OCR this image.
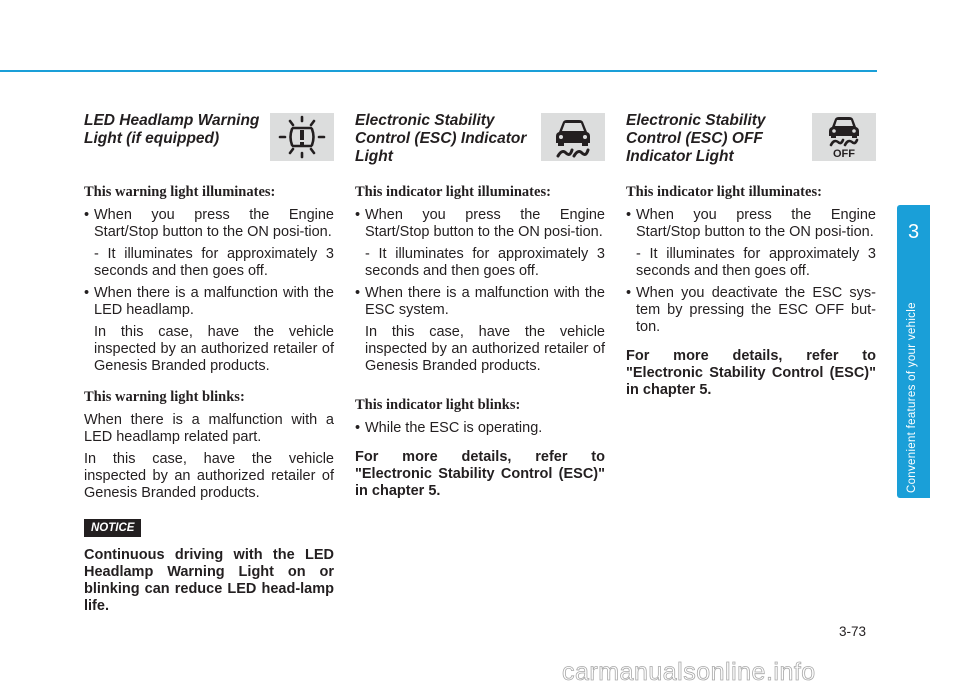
3
Convenient features of your vehicle
LED Headlamp Warning
Light (if equipped)
This warning light illuminates:
• When you press the Engine Start/Stop button to the ON posi-tion.
- It illuminates for approximately 3 seconds and then goes off.
• When there is a malfunction with the LED headlamp.
In this case, have the vehicle inspected by an authorized retailer of Genesis Branded products.
This warning light blinks:

When there is a malfunction with a LED headlamp related part.

In this case, have the vehicle inspected by an authorized retailer of Genesis Branded products.

NOTICE
Continuous driving with the LED Headlamp Warning Light on or blinking can reduce LED head-lamp life.
Electronic Stability
Control (ESC) Indicator
Light
This indicator light illuminates:
• When you press the Engine Start/Stop button to the ON posi-tion.
- It illuminates for approximately 3 seconds and then goes off.
• When there is a malfunction with the ESC system.
In this case, have the vehicle inspected by an authorized retailer of Genesis Branded products.
This indicator light blinks:
• While the ESC is operating.
For more details, refer to "Electronic Stability Control (ESC)" in chapter 5.
Electronic Stability
Control (ESC) OFF
Indicator Light	OFF
This indicator light illuminates:
• When you press the Engine Start/Stop button to the ON posi-tion.
- It illuminates for approximately 3 seconds and then goes off.
• When you deactivate the ESC sys-tem by pressing the ESC OFF but-ton.
For more details, refer to "Electronic Stability Control (ESC)" in chapter 5.
3-73
carmanualsonline.info
